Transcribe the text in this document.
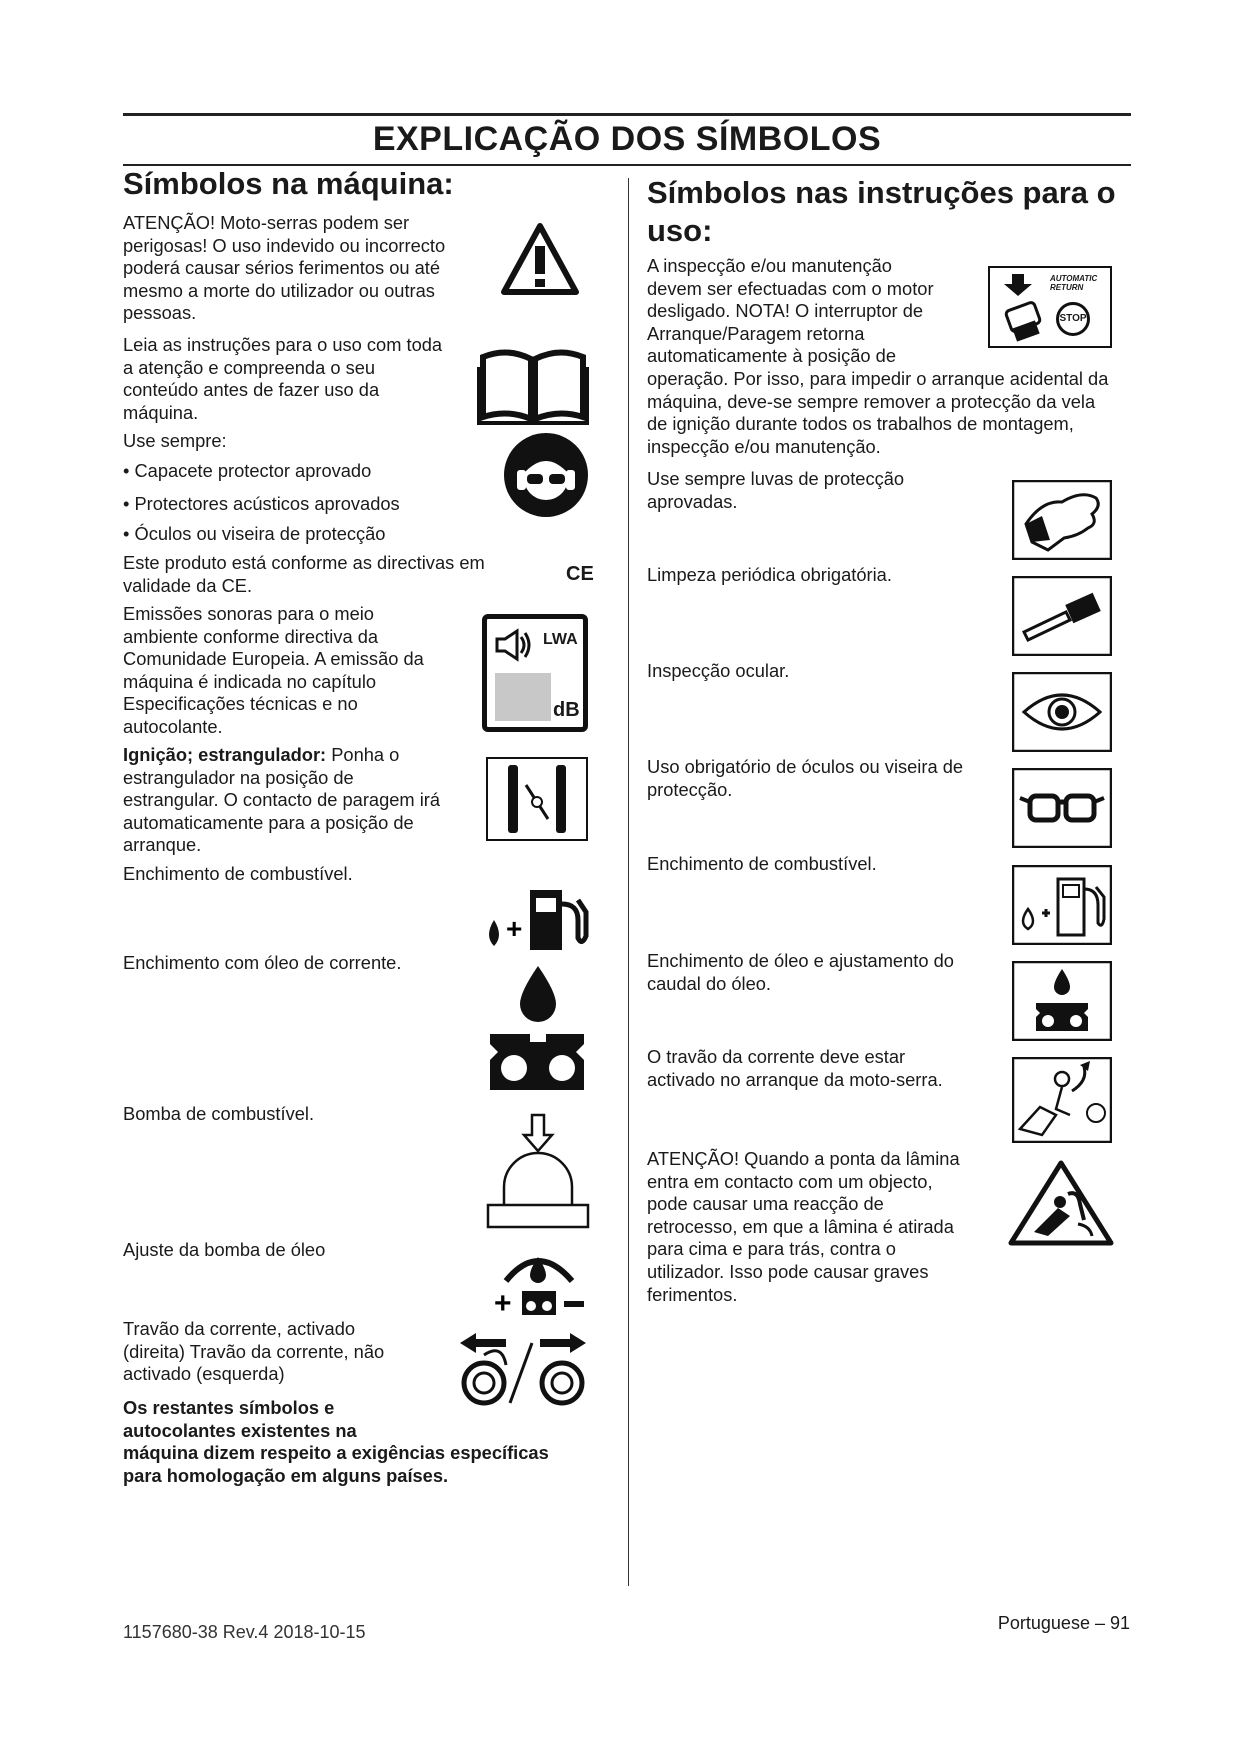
EXPLICAÇÃO DOS SÍMBOLOS
Símbolos na máquina:
ATENÇÃO! Moto-serras podem ser
perigosas! O uso indevido ou incorrecto
poderá causar sérios ferimentos ou até
mesmo a morte do utilizador ou outras
pessoas.
Leia as instruções para o uso com toda
a atenção e compreenda o seu
conteúdo antes de fazer uso da
máquina.
Use sempre:
• Capacete protector aprovado
• Protectores acústicos aprovados
• Óculos ou viseira de protecção
Este produto está conforme as directivas em
validade da CE.
CE
Emissões sonoras para o meio
ambiente conforme directiva da
Comunidade Europeia. A emissão da
máquina é indicada no capítulo
Especificações técnicas e no
autocolante.
LWA
dB
Ignição; estrangulador: Ponha o
estrangulador na posição de
estrangular. O contacto de paragem irá
automaticamente para a posição de
arranque.
Enchimento de combustível.
+
Enchimento com óleo de corrente.
Bomba de combustível.
Ajuste da bomba de óleo
+
Travão da corrente, activado
(direita) Travão da corrente, não
activado (esquerda)
Os restantes símbolos e
autocolantes existentes na
máquina dizem respeito a exigências específicas
para homologação em alguns países.
Símbolos nas instruções para o
uso:
A inspecção e/ou manutenção
devem ser efectuadas com o motor
desligado. NOTA! O interruptor de
Arranque/Paragem retorna
automaticamente à posição de
operação. Por isso, para impedir o arranque acidental da
máquina, deve-se sempre remover a protecção da vela
de ignição durante todos os trabalhos de montagem,
inspecção e/ou manutenção.
AUTOMATIC RETURN
STOP
Use sempre luvas de protecção
aprovadas.
Limpeza periódica obrigatória.
Inspecção ocular.
Uso obrigatório de óculos ou viseira de
protecção.
Enchimento de combustível.
Enchimento de óleo e ajustamento do
caudal do óleo.
O travão da corrente deve estar
activado no arranque da moto-serra.
ATENÇÃO! Quando a ponta da lâmina
entra em contacto com um objecto,
pode causar uma reacção de
retrocesso, em que a lâmina é atirada
para cima e para trás, contra o
utilizador. Isso pode causar graves
ferimentos.
1157680-38 Rev.4 2018-10-15	Portuguese – 91
